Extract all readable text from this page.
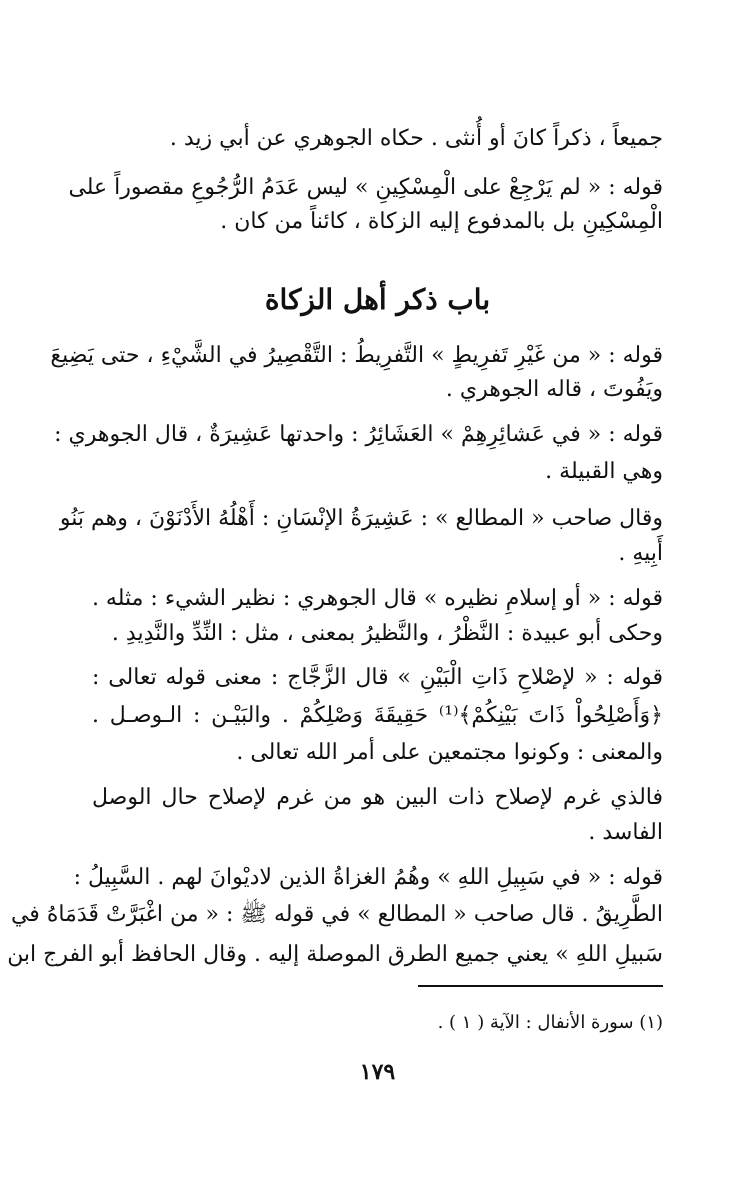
جميعاً ، ذكراً كانَ أو أُنثى . حكاه الجوهري عن أبي زيد .
قوله : « لم يَرْجِعْ على الْمِسْكِينِ » ليس عَدَمُ الرُّجُوعِ مقصوراً على
الْمِسْكِينِ بل بالمدفوع إليه الزكاة ، كائناً من كان .
باب ذكر أهل الزكاة
قوله : « من غَيْرِ تَفرِيطٍ » التَّفرِيطُ : التَّقْصِيرُ في الشَّيْءِ ، حتى يَضِيعَ
ويَفُوتَ ، قاله الجوهري .
قوله : « في عَشائِرِهِمْ » العَشَائِرُ : واحدتها عَشِيرَةٌ ، قال الجوهري :
وهي القبيلة .
وقال صاحب « المطالع » : عَشِيرَةُ الإنْسَانِ : أَهْلُهُ الأَدْنَوْنَ ، وهم بَنُو
أَبِيهِ .
قوله : « أو إسلامِ نظيره » قال الجوهري : نظير الشيء : مثله .
وحكى أبو عبيدة : النَّظْرُ ، والنَّظيرُ بمعنى ، مثل : النِّدِّ والنَّدِيدِ .
قوله : « لإصْلاحِ ذَاتِ الْبَيْنِ » قال الزَّجَّاج : معنى قوله تعالى :
﴿وَأَصْلِحُواْ ذَاتَ بَيْنِكُمْ﴾⁽¹⁾ حَقِيقَةَ وَصْلِكُمْ . والبَيْـن : الـوصـل .
والمعنى : وكونوا مجتمعين على أمر الله تعالى .
فالذي غرم لإصلاح ذات البين هو من غرم لإصلاح حال الوصل
الفاسد .
قوله : « في سَبِيلِ اللهِ » وهُمُ الغزاةُ الذين لاديْوانَ لهم . السَّبِيلُ :
الطَّرِيقُ . قال صاحب « المطالع » في قوله ﷺ : « من اغْبَرَّتْ قَدَمَاهُ في
سَبيلِ اللهِ » يعني جميع الطرق الموصلة إليه . وقال الحافظ أبو الفرج ابن
(١) سورة الأنفال : الآية ( ١ ) .
١٧٩
